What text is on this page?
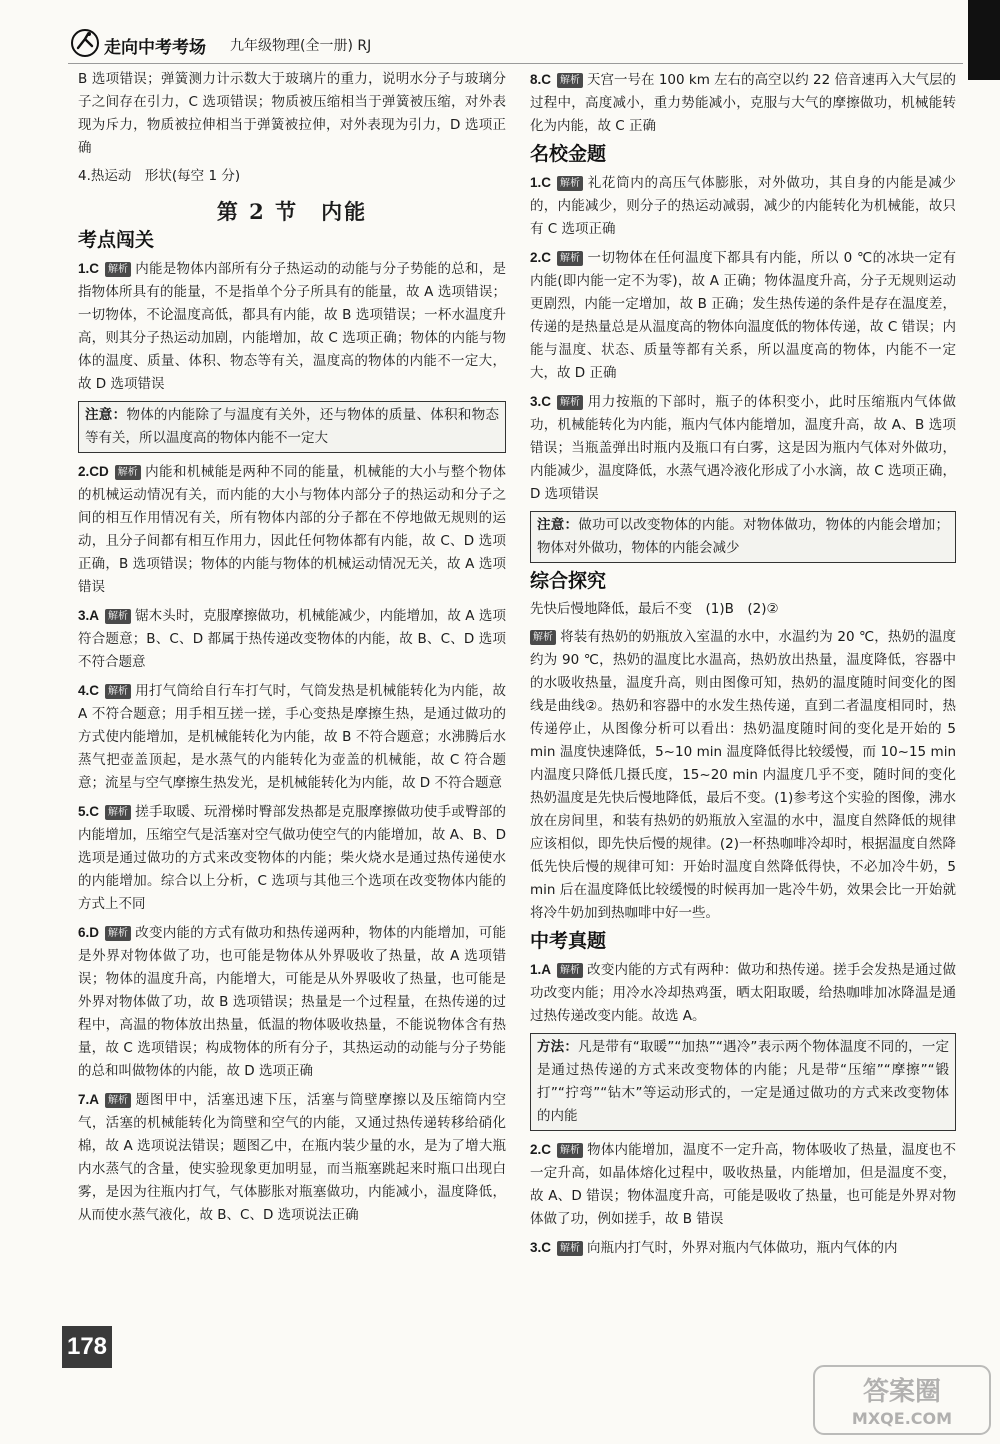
走向中考考场 九年级物理(全一册) RJ
B 选项错误；弹簧测力计示数大于玻璃片的重力，说明水分子与玻璃分子之间存在引力，C 选项错误；物质被压缩相当于弹簧被压缩，对外表现为斥力，物质被拉伸相当于弹簧被拉伸，对外表现为引力，D 选项正确
4.热运动　形状(每空 1 分)
第 2 节　内能
考点闯关
1.C 解析 内能是物体内部所有分子热运动的动能与分子势能的总和，是指物体所具有的能量，不是指单个分子所具有的能量，故 A 选项错误；一切物体，不论温度高低，都具有内能，故 B 选项错误；一杯水温度升高，则其分子热运动加剧，内能增加，故 C 选项正确；物体的内能与物体的温度、质量、体积、物态等有关，温度高的物体的内能不一定大，故 D 选项错误
注意：物体的内能除了与温度有关外，还与物体的质量、体积和物态等有关，所以温度高的物体内能不一定大
2.CD 解析 内能和机械能是两种不同的能量，机械能的大小与整个物体的机械运动情况有关，而内能的大小与物体内部分子的热运动和分子之间的相互作用情况有关，所有物体内部的分子都在不停地做无规则的运动，且分子间都有相互作用力，因此任何物体都有内能，故 C、D 选项正确，B 选项错误；物体的内能与物体的机械运动情况无关，故 A 选项错误
3.A 解析 锯木头时，克服摩擦做功，机械能减少，内能增加，故 A 选项符合题意；B、C、D 都属于热传递改变物体的内能，故 B、C、D 选项不符合题意
4.C 解析 用打气筒给自行车打气时，气筒发热是机械能转化为内能，故 A 不符合题意；用手相互搓一搓，手心变热是摩擦生热，是通过做功的方式使内能增加，是机械能转化为内能，故 B 不符合题意；水沸腾后水蒸气把壶盖顶起，是水蒸气的内能转化为壶盖的机械能，故 C 符合题意；流星与空气摩擦生热发光，是机械能转化为内能，故 D 不符合题意
5.C 解析 搓手取暖、玩滑梯时臀部发热都是克服摩擦做功使手或臀部的内能增加，压缩空气是活塞对空气做功使空气的内能增加，故 A、B、D 选项是通过做功的方式来改变物体的内能；柴火烧水是通过热传递使水的内能增加。综合以上分析，C 选项与其他三个选项在改变物体内能的方式上不同
6.D 解析 改变内能的方式有做功和热传递两种，物体的内能增加，可能是外界对物体做了功，也可能是物体从外界吸收了热量，故 A 选项错误；物体的温度升高，内能增大，可能是从外界吸收了热量，也可能是外界对物体做了功，故 B 选项错误；热量是一个过程量，在热传递的过程中，高温的物体放出热量，低温的物体吸收热量，不能说物体含有热量，故 C 选项错误；构成物体的所有分子，其热运动的动能与分子势能的总和叫做物体的内能，故 D 选项正确
7.A 解析 题图甲中，活塞迅速下压，活塞与筒壁摩擦以及压缩筒内空气，活塞的机械能转化为筒壁和空气的内能，又通过热传递转移给硝化棉，故 A 选项说法错误；题图乙中，在瓶内装少量的水，是为了增大瓶内水蒸气的含量，使实验现象更加明显，而当瓶塞跳起来时瓶口出现白雾，是因为往瓶内打气，气体膨胀对瓶塞做功，内能减小，温度降低，从而使水蒸气液化，故 B、C、D 选项说法正确
8.C 解析 天宫一号在 100 km 左右的高空以约 22 倍音速再入大气层的过程中，高度减小，重力势能减小，克服与大气的摩擦做功，机械能转化为内能，故 C 正确
名校金题
1.C 解析 礼花筒内的高压气体膨胀，对外做功，其自身的内能是减少的，内能减少，则分子的热运动减弱，减少的内能转化为机械能，故只有 C 选项正确
2.C 解析 一切物体在任何温度下都具有内能，所以 0 ℃的冰块一定有内能(即内能一定不为零)，故 A 正确；物体温度升高，分子无规则运动更剧烈，内能一定增加，故 B 正确；发生热传递的条件是存在温度差，传递的是热量总是从温度高的物体向温度低的物体传递，故 C 错误；内能与温度、状态、质量等都有关系，所以温度高的物体，内能不一定大，故 D 正确
3.C 解析 用力按瓶的下部时，瓶子的体积变小，此时压缩瓶内气体做功，机械能转化为内能，瓶内气体内能增加，温度升高，故 A、B 选项错误；当瓶盖弹出时瓶内及瓶口有白雾，这是因为瓶内气体对外做功，内能减少，温度降低，水蒸气遇冷液化形成了小水滴，故 C 选项正确，D 选项错误
注意：做功可以改变物体的内能。对物体做功，物体的内能会增加；物体对外做功，物体的内能会减少
综合探究
先快后慢地降低，最后不变　(1)B　(2)②
解析 将装有热奶的奶瓶放入室温的水中，水温约为 20 ℃，热奶的温度约为 90 ℃，热奶的温度比水温高，热奶放出热量，温度降低，容器中的水吸收热量，温度升高，则由图像可知，热奶的温度随时间变化的图线是曲线②。热奶和容器中的水发生热传递，直到二者温度相同时，热传递停止，从图像分析可以看出：热奶温度随时间的变化是开始的 5 min 温度快速降低，5~10 min 温度降低得比较缓慢，而 10~15 min 内温度只降低几摄氏度，15~20 min 内温度几乎不变，随时间的变化热奶温度是先快后慢地降低，最后不变。(1)参考这个实验的图像，沸水放在房间里，和装有热奶的奶瓶放入室温的水中，温度自然降低的规律应该相似，即先快后慢的规律。(2)一杯热咖啡冷却时，根据温度自然降低先快后慢的规律可知：开始时温度自然降低得快，不必加冷牛奶，5 min 后在温度降低比较缓慢的时候再加一匙冷牛奶，效果会比一开始就将冷牛奶加到热咖啡中好一些。
中考真题
1.A 解析 改变内能的方式有两种：做功和热传递。搓手会发热是通过做功改变内能；用冷水冷却热鸡蛋，晒太阳取暖，给热咖啡加冰降温是通过热传递改变内能。故选 A。
方法：凡是带有“取暖”“加热”“遇冷”表示两个物体温度不同的，一定是通过热传递的方式来改变物体的内能；凡是带“压缩”“摩擦”“锻打”“拧弯”“钻木”等运动形式的，一定是通过做功的方式来改变物体的内能
2.C 解析 物体内能增加，温度不一定升高，物体吸收了热量，温度也不一定升高，如晶体熔化过程中，吸收热量，内能增加，但是温度不变，故 A、D 错误；物体温度升高，可能是吸收了热量，也可能是外界对物体做了功，例如搓手，故 B 错误
3.C 解析 向瓶内打气时，外界对瓶内气体做功，瓶内气体的内
178
答案圈
MXQE.COM
